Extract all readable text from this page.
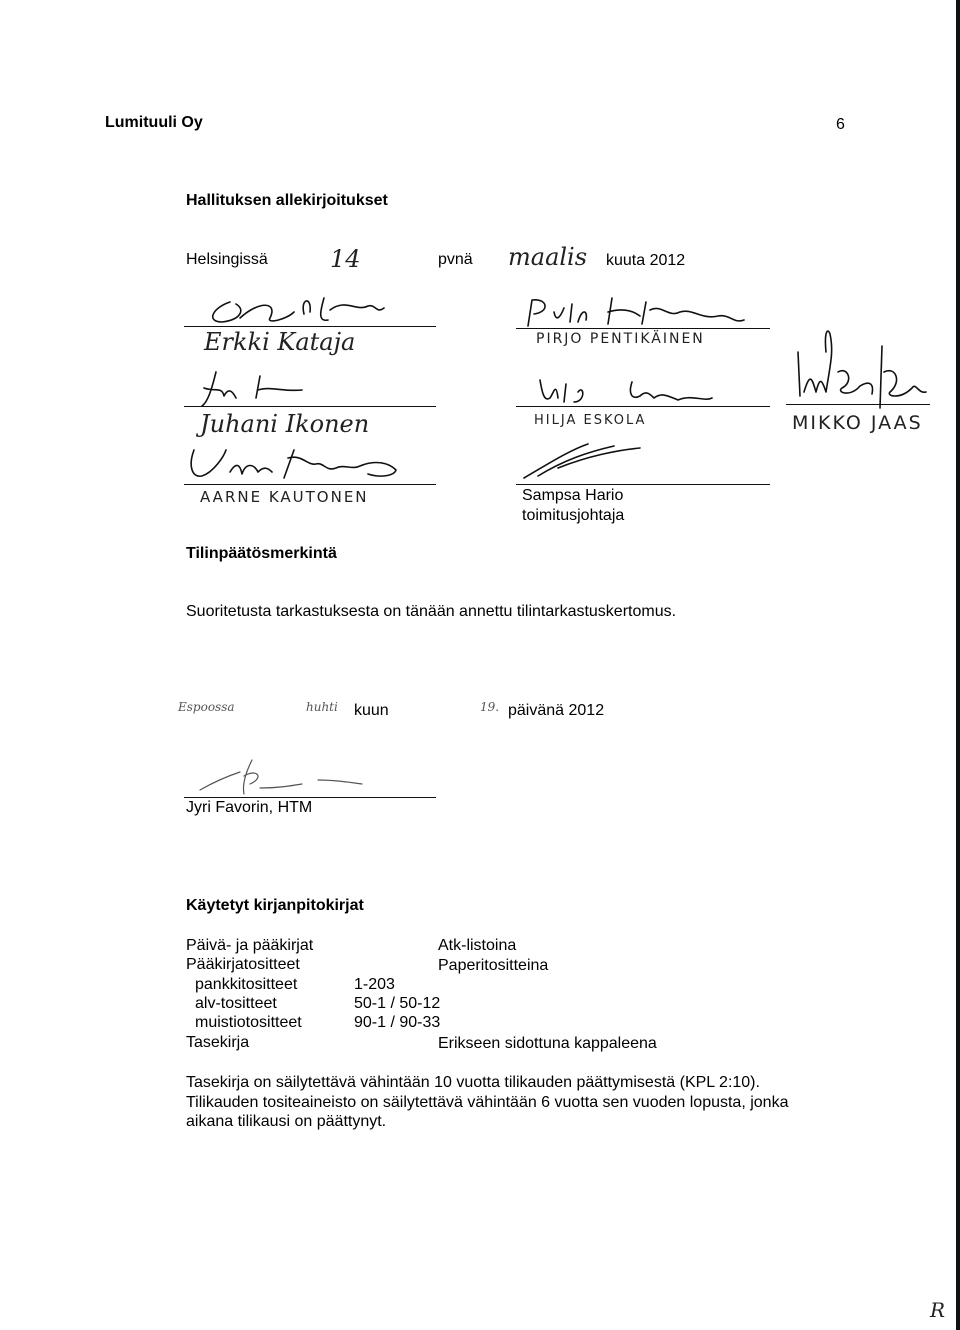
Lumituuli Oy	6
Hallituksen allekirjoitukset
Helsingissä	14	pvnä maalis kuuta 2012
Erkki Kataja	PIRJO PENTIKÄINEN
Juhani Ikonen	HILJA ESKOLA
AARNE KAUTONEN
MIKKO JAAS
Sampsa Hario
toimitusjohtaja
Tilinpäätösmerkintä
Suoritetusta tarkastuksesta on tänään annettu tilintarkastuskertomus.
Espoossa	huhti kuun	19. päivänä 2012
Jyri Favorin, HTM
Käytetyt kirjanpitokirjat
Päivä- ja pääkirjat	Atk-listoina
Pääkirjatositteet	Paperitositteina
pankkitositteet	1-203
alv-tositteet	50-1 / 50-12
muistiotositteet	90-1 / 90-33
Tasekirja	Erikseen sidottuna kappaleena
Tasekirja on säilytettävä vähintään 10 vuotta tilikauden päättymisestä (KPL 2:10).
Tilikauden tositeaineisto on säilytettävä vähintään 6 vuotta sen vuoden lopusta, jonka
aikana tilikausi on päättynyt.
R
